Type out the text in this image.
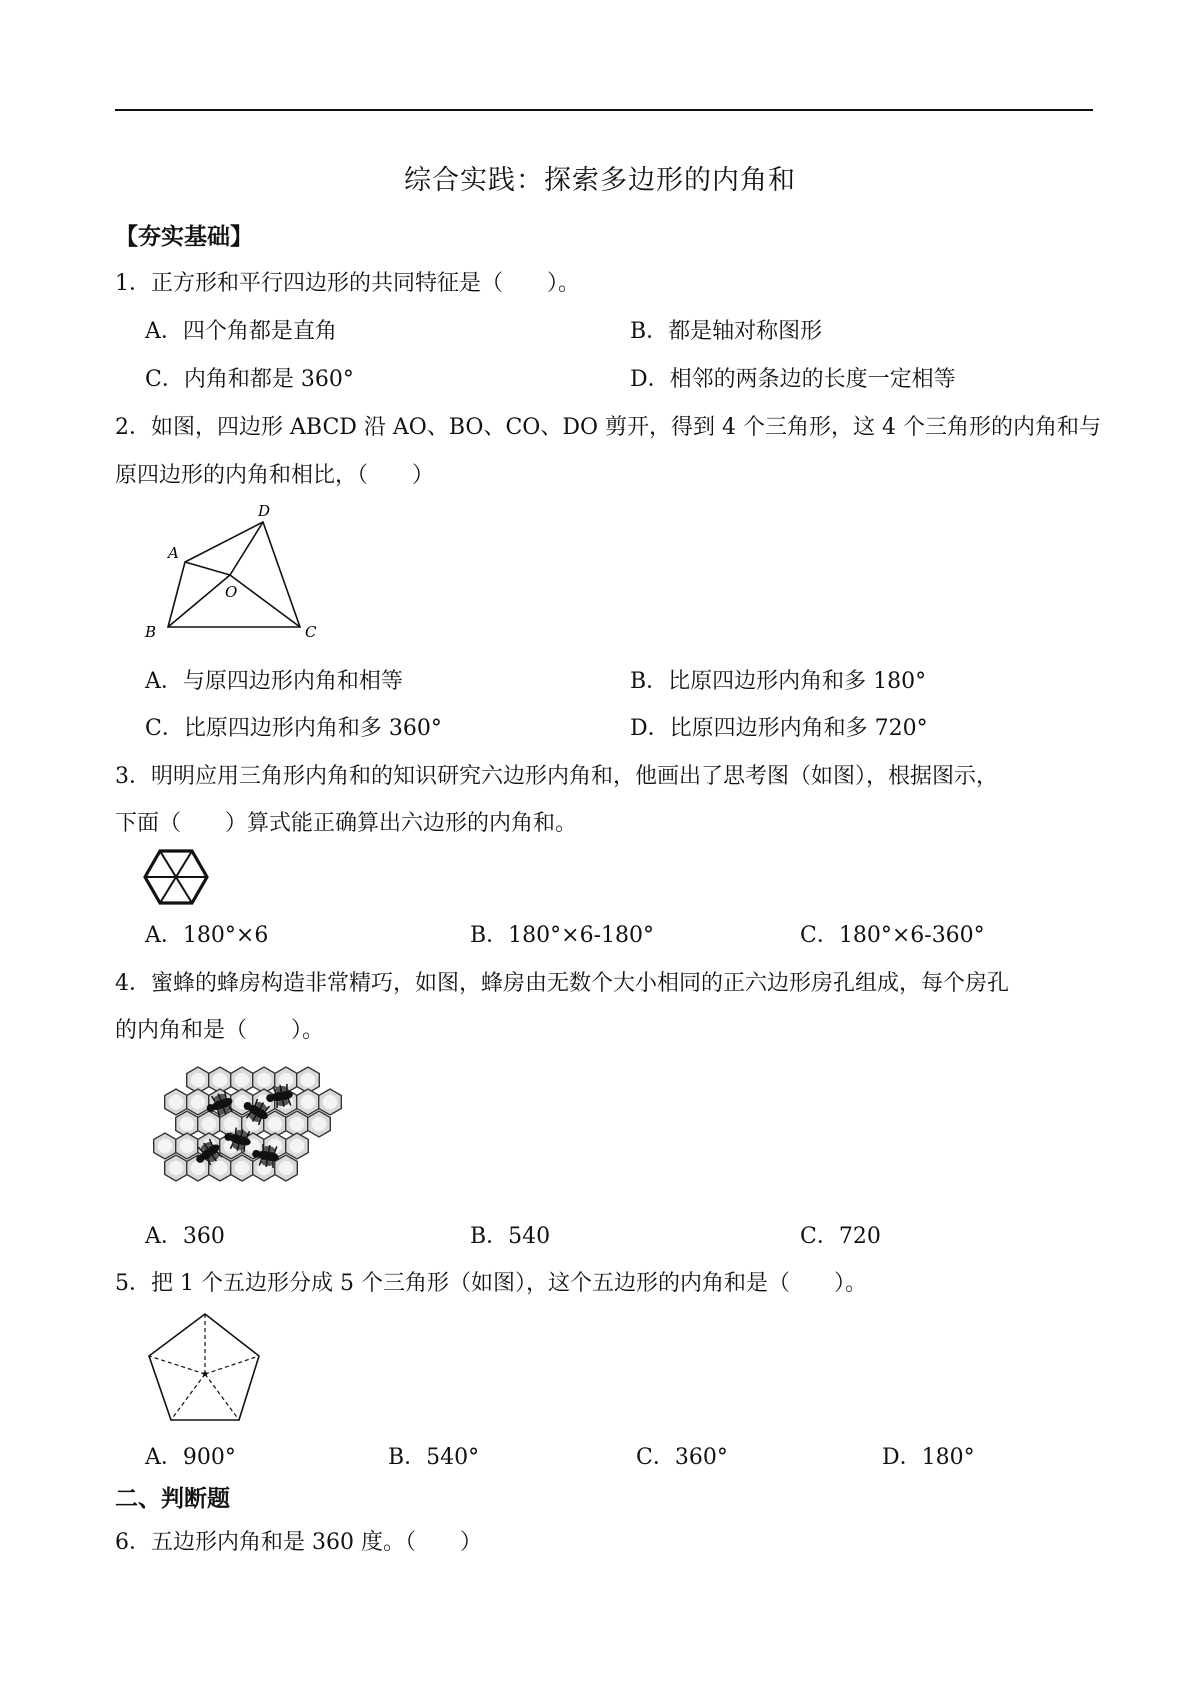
综合实践：探索多边形的内角和
【夯实基础】
1．正方形和平行四边形的共同特征是（　　）。
A．四个角都是直角	B．都是轴对称图形
C．内角和都是 360°	D．相邻的两条边的长度一定相等
2．如图，四边形 ABCD 沿 AO、BO、CO、DO 剪开，得到 4 个三角形，这 4 个三角形的内角和与
原四边形的内角和相比，（　　）
A
D
O
B	C
A．与原四边形内角和相等	B．比原四边形内角和多 180°
C．比原四边形内角和多 360°	D．比原四边形内角和多 720°
3．明明应用三角形内角和的知识研究六边形内角和，他画出了思考图（如图），根据图示，
下面（　　）算式能正确算出六边形的内角和。
A．180°×6	B．180°×6-180°	C．180°×6-360°
4．蜜蜂的蜂房构造非常精巧，如图，蜂房由无数个大小相同的正六边形房孔组成，每个房孔
的内角和是（　　）。
A．360	B．540	C．720
5．把 1 个五边形分成 5 个三角形（如图），这个五边形的内角和是（　　）。
A．900°	B．540°	C．360°	D．180°
二、判断题
6．五边形内角和是 360 度。（　　）
